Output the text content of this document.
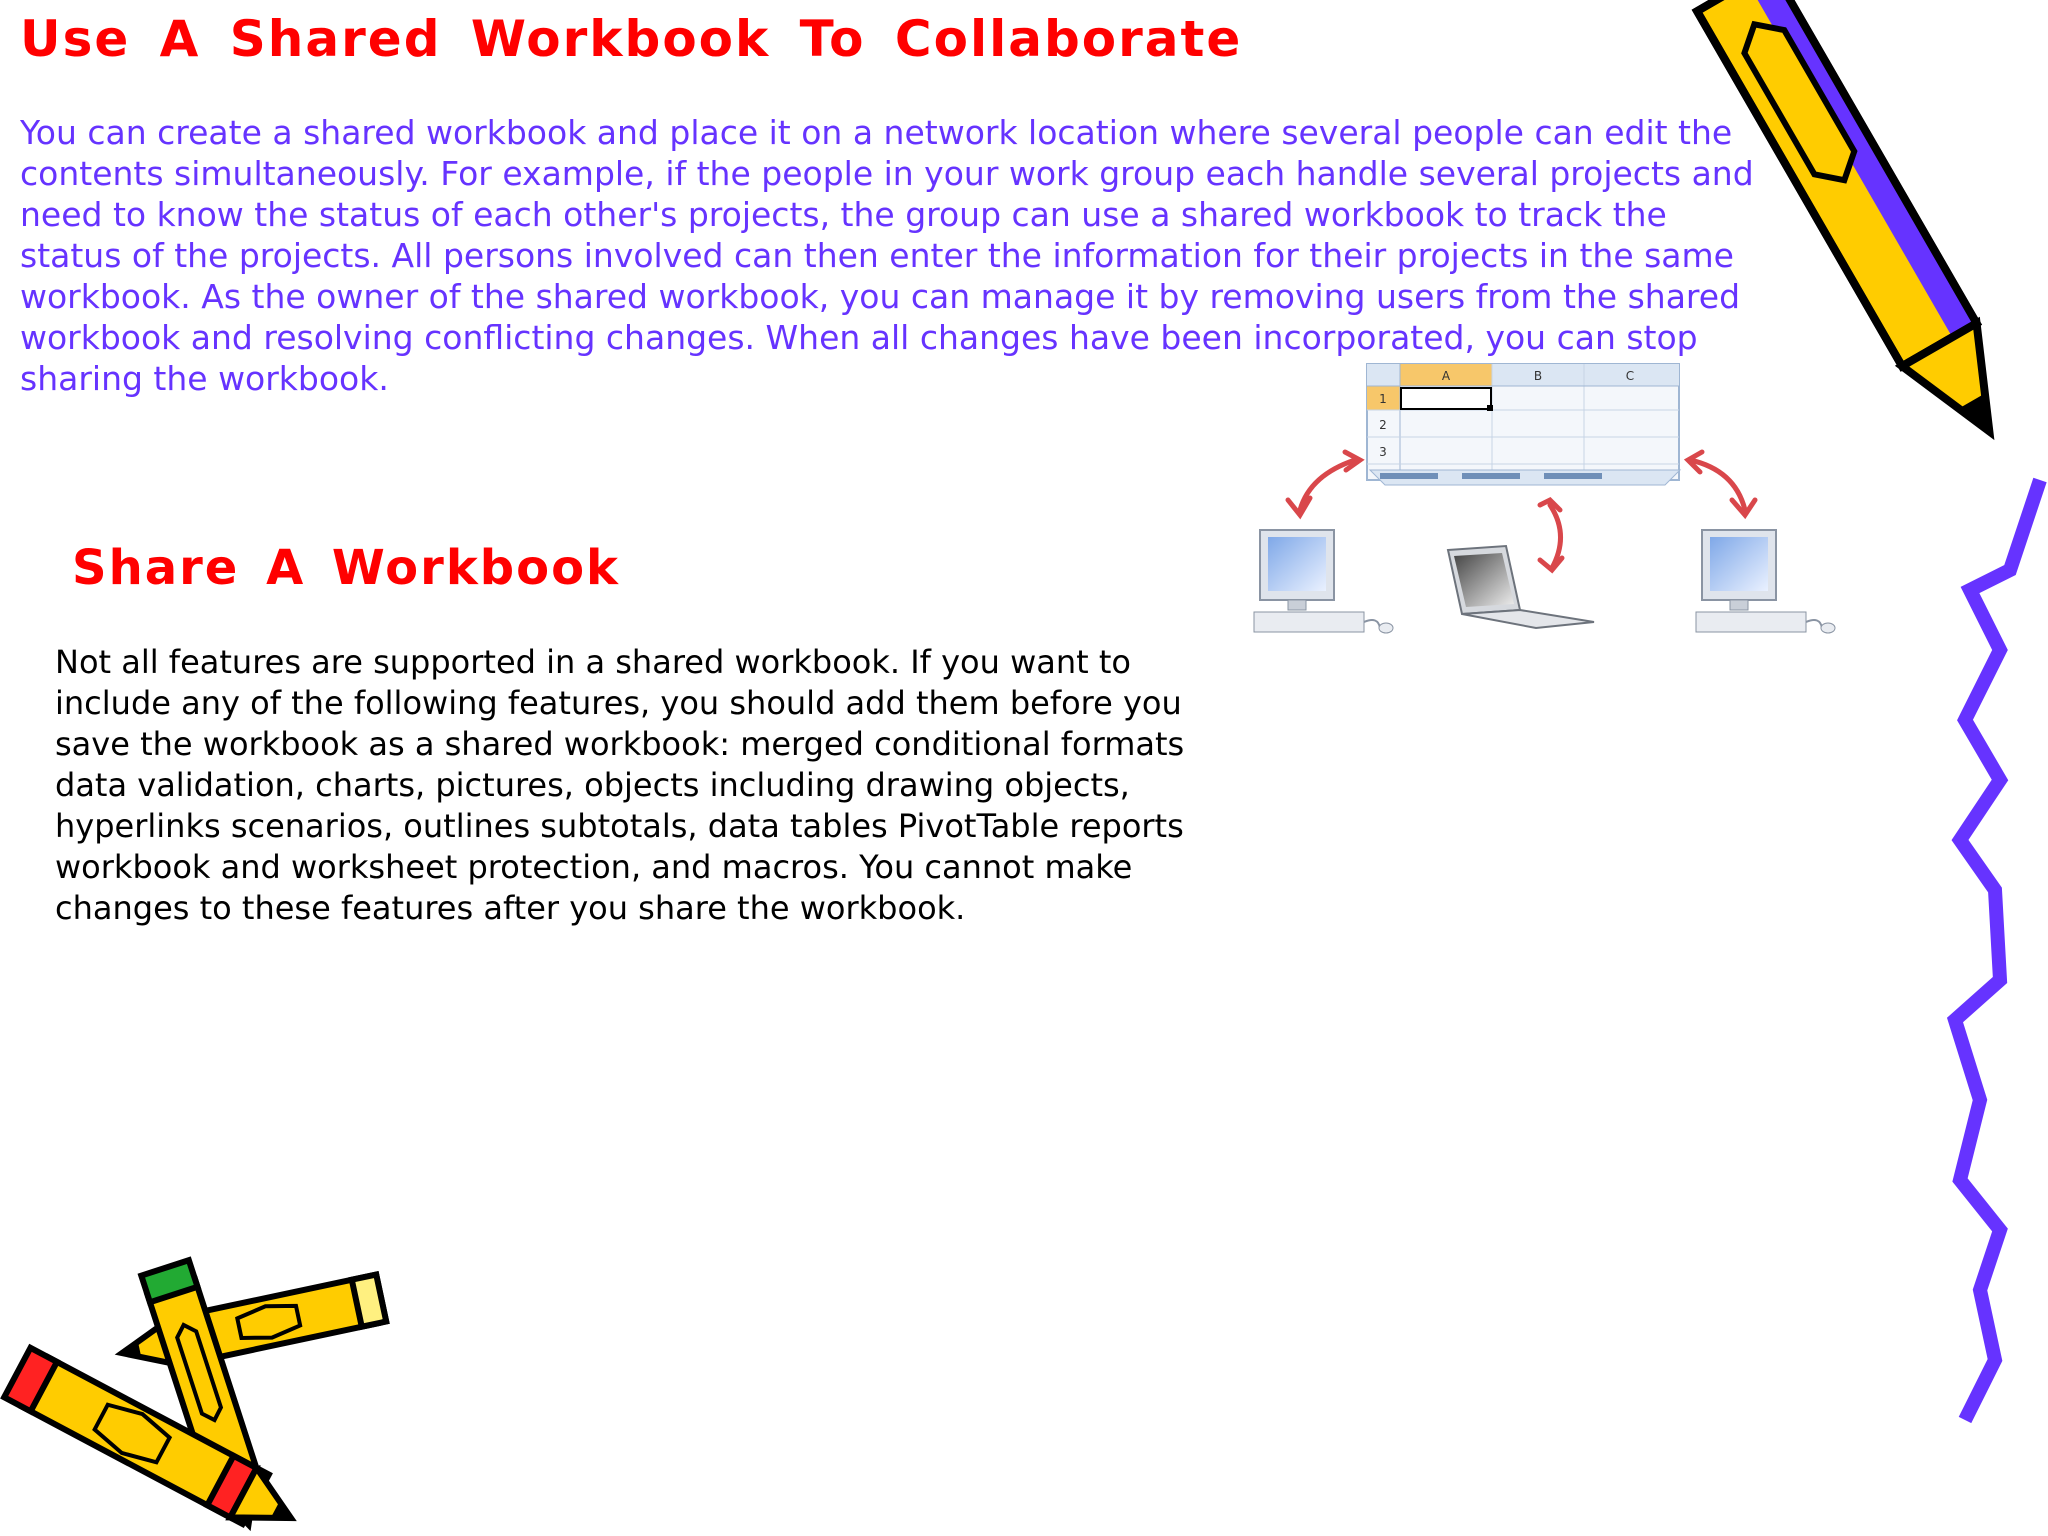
Use A Shared Workbook To Collaborate

You can create a shared workbook and place it on a network location where several people can edit the contents simultaneously. For example, if the people in your work group each handle several projects and need to know the status of each other's projects, the group can use a shared workbook to track the status of the projects. All persons involved can then enter the information for their projects in the same workbook. As the owner of the shared workbook, you can manage it by removing users from the shared workbook and resolving conflicting changes. When all changes have been incorporated, you can stop sharing the workbook.

Share A Workbook

Not all features are supported in a shared workbook. If you want to include any of the following features, you should add them before you save the workbook as a shared workbook: merged conditional formats data validation, charts, pictures, objects including drawing objects, hyperlinks scenarios, outlines subtotals, data tables PivotTable reports workbook and worksheet protection, and macros. You cannot make changes to these features after you share the workbook.

A	B	C
1
2
3
